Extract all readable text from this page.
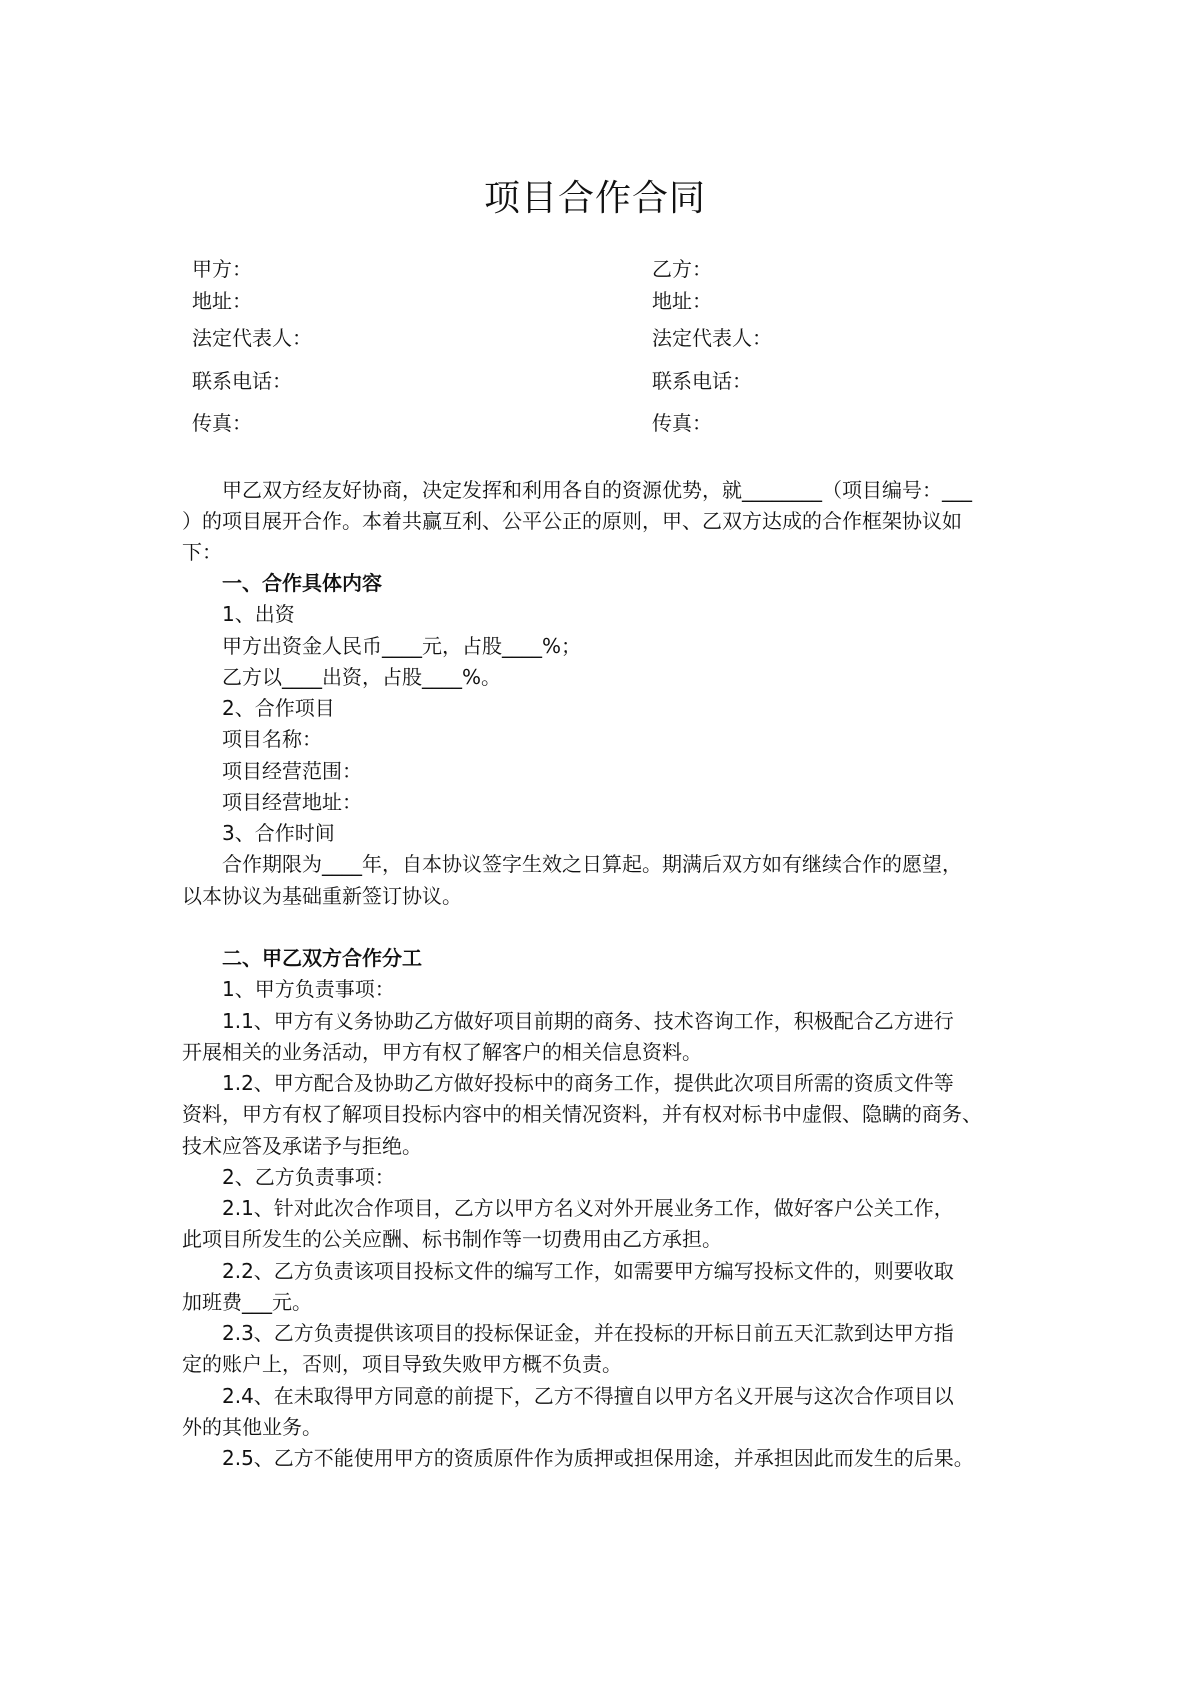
项目合作合同
甲方：
地址：
法定代表人：
联系电话：
传真：
乙方：
地址：
法定代表人：
联系电话：
传真：
甲乙双方经友好协商，决定发挥和利用各自的资源优势，就________（项目编号：___
）的项目展开合作。本着共赢互利、公平公正的原则，甲、乙双方达成的合作框架协议如
下：
一、合作具体内容
1、出资
甲方出资金人民币____元，占股____%；
乙方以____出资，占股____%。
2、合作项目
项目名称：
项目经营范围：
项目经营地址：
3、合作时间
合作期限为____年，自本协议签字生效之日算起。期满后双方如有继续合作的愿望，
以本协议为基础重新签订协议。
二、甲乙双方合作分工
1、甲方负责事项：
1.1、甲方有义务协助乙方做好项目前期的商务、技术咨询工作，积极配合乙方进行
开展相关的业务活动，甲方有权了解客户的相关信息资料。
1.2、甲方配合及协助乙方做好投标中的商务工作，提供此次项目所需的资质文件等
资料，甲方有权了解项目投标内容中的相关情况资料，并有权对标书中虚假、隐瞒的商务、
技术应答及承诺予与拒绝。
2、乙方负责事项：
2.1、针对此次合作项目，乙方以甲方名义对外开展业务工作，做好客户公关工作，
此项目所发生的公关应酬、标书制作等一切费用由乙方承担。
2.2、乙方负责该项目投标文件的编写工作，如需要甲方编写投标文件的，则要收取
加班费___元。
2.3、乙方负责提供该项目的投标保证金，并在投标的开标日前五天汇款到达甲方指
定的账户上，否则，项目导致失败甲方概不负责。
2.4、在未取得甲方同意的前提下，乙方不得擅自以甲方名义开展与这次合作项目以
外的其他业务。
2.5、乙方不能使用甲方的资质原件作为质押或担保用途，并承担因此而发生的后果。
